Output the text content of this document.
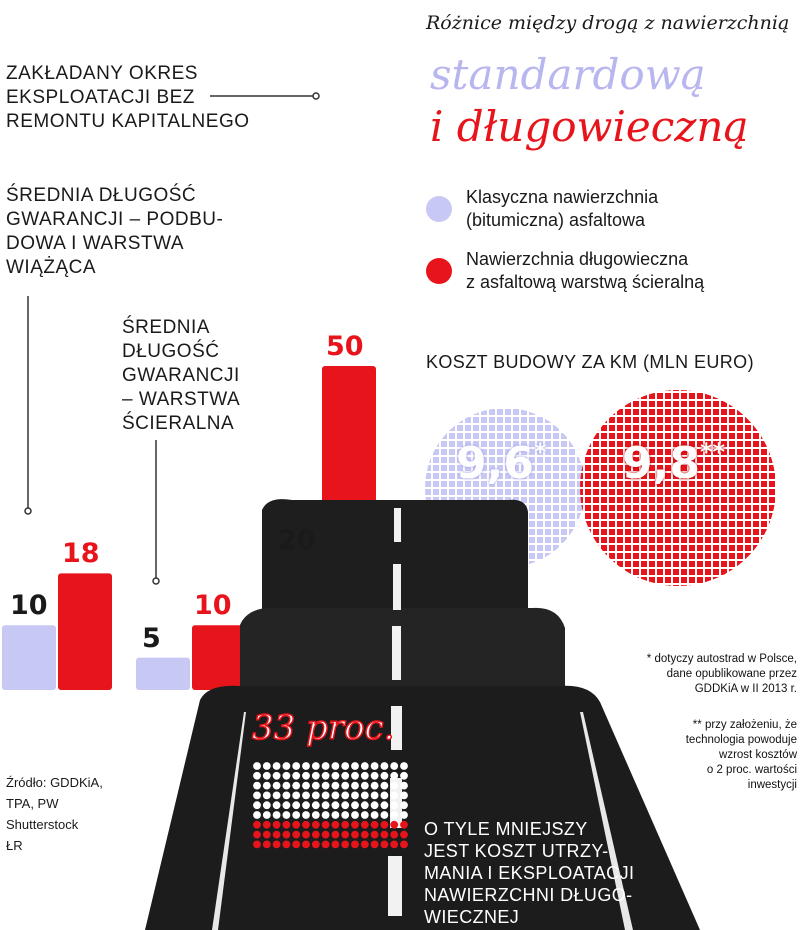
Różnice między drogą z nawierzchnią
standardową
i długowieczną
Klasyczna nawierzchnia
(bitumiczna) asfaltowa
Nawierzchnia długowieczna
z asfaltową warstwą ścieralną
KOSZT BUDOWY ZA KM (MLN EURO)
9,6* 9,8**
* dotyczy autostrad w Polsce,
dane opublikowane przez
GDDKiA w II 2013 r.
** przy założeniu, że
technologia powoduje
wzrost kosztów
o 2 proc. wartości
inwestycji
ZAKŁADANY OKRES
EKSPLOATACJI BEZ
REMONTU KAPITALNEGO
ŚREDNIA DŁUGOŚĆ
GWARANCJI – PODBU-
DOWA I WARSTWA
WIĄŻĄCA
ŚREDNIA
DŁUGOŚĆ
GWARANCJI
– WARSTWA
ŚCIERALNA
10
18
5
10
20
50
33 proc.
O TYLE MNIEJSZY
JEST KOSZT UTRZY-
MANIA I EKSPLOATACJI
NAWIERZCHNI DŁUGO-
WIECZNEJ
Źródło: GDDKiA,
TPA, PW
Shutterstock
ŁR
